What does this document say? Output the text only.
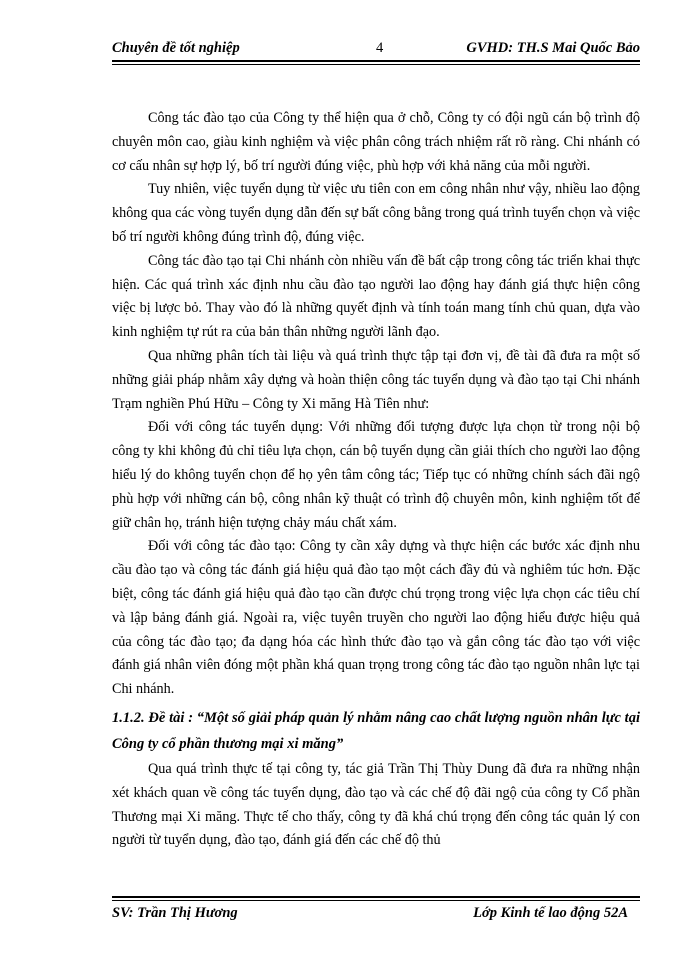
Chuyên đề tốt nghiệp	4	GVHD: TH.S Mai Quốc Bảo

Công tác đào tạo của Công ty thể hiện qua ở chỗ, Công ty có đội ngũ cán bộ trình độ chuyên môn cao, giàu kinh nghiệm và việc phân công trách nhiệm rất rõ ràng. Chi nhánh có cơ cấu nhân sự hợp lý, bố trí người đúng việc, phù hợp với khả năng của mỗi người.

Tuy nhiên, việc tuyển dụng từ việc ưu tiên con em công nhân như vậy, nhiều lao động không qua các vòng tuyển dụng dẫn đến sự bất công bằng trong quá trình tuyển chọn và việc bố trí người không đúng trình độ, đúng việc.

Công tác đào tạo tại Chi nhánh còn nhiều vấn đề bất cập trong công tác triển khai thực hiện. Các quá trình xác định nhu cầu đào tạo người lao động hay đánh giá thực hiện công việc bị lược bỏ. Thay vào đó là những quyết định và tính toán mang tính chủ quan, dựa vào kinh nghiệm tự rút ra của bản thân những người lãnh đạo.

Qua những phân tích tài liệu và quá trình thực tập tại đơn vị, đề tài đã đưa ra một số những giải pháp nhằm xây dựng và hoàn thiện công tác tuyển dụng và đào tạo tại Chi nhánh Trạm nghiền Phú Hữu – Công ty Xi măng Hà Tiên như:

Đối với công tác tuyển dụng: Với những đối tượng được lựa chọn từ trong nội bộ công ty khi không đủ chỉ tiêu lựa chọn, cán bộ tuyển dụng cần giải thích cho người lao động hiểu lý do không tuyển chọn để họ yên tâm công tác; Tiếp tục có những chính sách đãi ngộ phù hợp với những cán bộ, công nhân kỹ thuật có trình độ chuyên môn, kinh nghiệm tốt để giữ chân họ, tránh hiện tượng chảy máu chất xám.

Đối với công tác đào tạo: Công ty cần xây dựng và thực hiện các bước xác định nhu cầu đào tạo và công tác đánh giá hiệu quả đào tạo một cách đầy đủ và nghiêm túc hơn. Đặc biệt, công tác đánh giá hiệu quả đào tạo cần được chú trọng trong việc lựa chọn các tiêu chí và lập bảng đánh giá. Ngoài ra, việc tuyên truyền cho người lao động hiểu được hiệu quả của công tác đào tạo; đa dạng hóa các hình thức đào tạo và gắn công tác đào tạo với việc đánh giá nhân viên đóng một phần khá quan trọng trong công tác đào tạo nguồn nhân lực tại Chi nhánh.

1.1.2. Đề tài : “Một số giải pháp quản lý nhằm nâng cao chất lượng nguồn nhân lực tại Công ty cổ phần thương mại xi măng”

Qua quá trình thực tế tại công ty, tác giả Trần Thị Thùy Dung đã đưa ra những nhận xét khách quan về công tác tuyển dụng, đào tạo và các chế độ đãi ngộ của công ty Cổ phần Thương mại Xi măng. Thực tế cho thấy, công ty đã khá chú trọng đến công tác quản lý con người từ tuyển dụng, đào tạo, đánh giá đến các chế độ thủ

SV: Trần Thị Hương	Lớp Kinh tế lao động 52A
